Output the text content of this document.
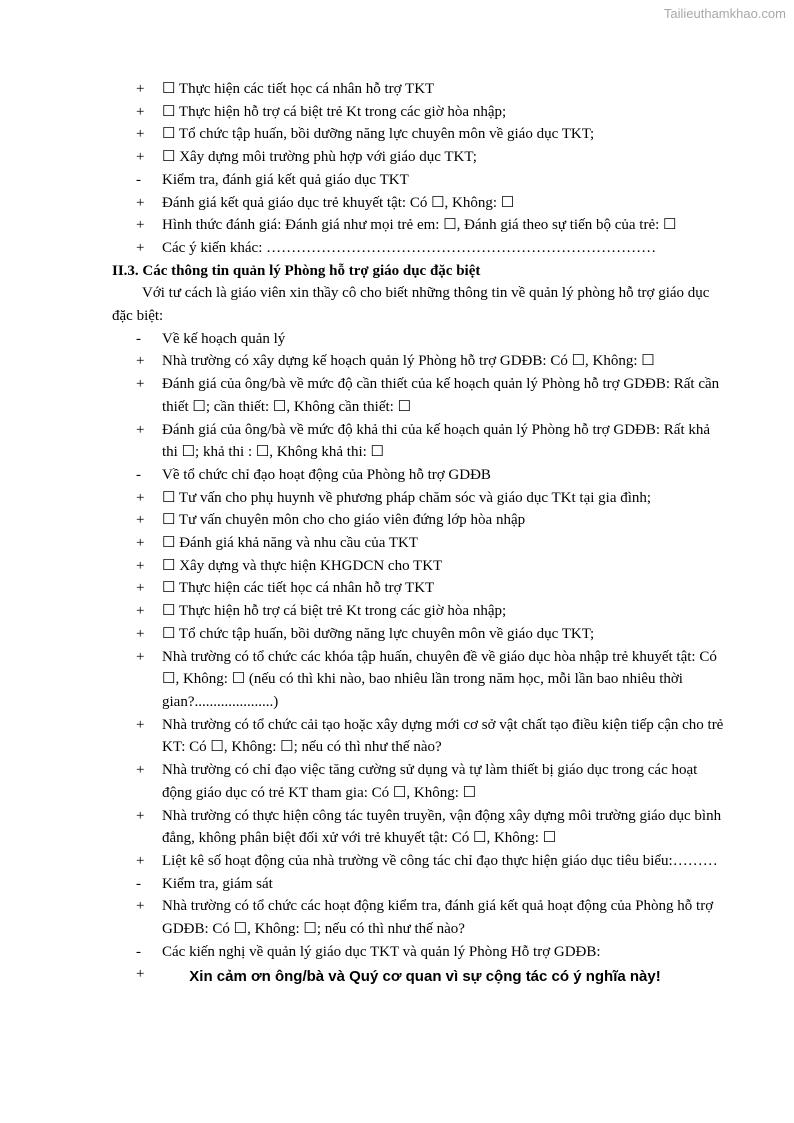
Tailieuthamkhao.com
+	☐ Thực hiện các tiết học cá nhân hỗ trợ TKT
+	☐ Thực hiện hỗ trợ cá biệt trẻ Kt trong các giờ hòa nhập;
+	☐ Tổ chức tập huấn, bồi dưỡng năng lực chuyên môn về giáo dục TKT;
+	☐ Xây dựng môi trường phù hợp với giáo dục TKT;
-	Kiểm tra, đánh giá kết quả giáo dục TKT
+	Đánh giá kết quả giáo dục trẻ khuyết tật: Có ☐, Không: ☐
+	Hình thức đánh giá: Đánh giá như mọi trẻ em: ☐, Đánh giá theo sự tiến bộ của trẻ: ☐
+	Các ý kiến khác: ……………………………………………………………………
II.3. Các thông tin quản lý Phòng hỗ trợ giáo dục đặc biệt
Với tư cách là giáo viên xin thầy cô cho biết những thông tin về quản lý phòng hỗ trợ giáo dục đặc biệt:
-	Về kế hoạch quản lý
+	Nhà trường có xây dựng kế hoạch quản lý Phòng hỗ trợ GDĐB: Có ☐, Không: ☐
+	Đánh giá của ông/bà về mức độ cần thiết của kế hoạch quản lý Phòng hỗ trợ GDĐB: Rất cần thiết ☐; cần thiết: ☐, Không cần thiết: ☐
+	Đánh giá của ông/bà về mức độ khả thi của kế hoạch quản lý Phòng hỗ trợ GDĐB: Rất khả thi ☐; khả thi : ☐, Không khả thi: ☐
-	Về tổ chức chỉ đạo hoạt động của Phòng hỗ trợ GDĐB
+	☐ Tư vấn cho phụ huynh về phương pháp chăm sóc và giáo dục TKt tại gia đình;
+	☐ Tư vấn chuyên môn cho cho giáo viên đứng lớp hòa nhập
+	☐ Đánh giá khả năng và nhu cầu của TKT
+	☐ Xây dựng và thực hiện KHGDCN cho TKT
+	☐ Thực hiện các tiết học cá nhân hỗ trợ TKT
+	☐ Thực hiện hỗ trợ cá biệt trẻ Kt trong các giờ hòa nhập;
+	☐ Tổ chức tập huấn, bồi dưỡng năng lực chuyên môn về giáo dục TKT;
+	Nhà trường có tổ chức các khóa tập huấn, chuyên đề về giáo dục hòa nhập trẻ khuyết tật: Có ☐, Không: ☐ (nếu có thì khi nào, bao nhiêu lần trong năm học, mỗi lần bao nhiêu thời gian?.....................)
+	Nhà trường có tổ chức cải tạo hoặc xây dựng mới cơ sở vật chất tạo điều kiện tiếp cận cho trẻ KT: Có ☐, Không: ☐; nếu có thì như thế nào?
+	Nhà trường có chỉ đạo việc tăng cường sử dụng và tự làm thiết bị giáo dục trong các hoạt động giáo dục có trẻ KT tham gia: Có ☐, Không: ☐
+	Nhà trường có thực hiện công tác tuyên truyền, vận động xây dựng môi trường giáo dục bình đẳng, không phân biệt đối xử với trẻ khuyết tật: Có ☐, Không: ☐
+	Liệt kê số hoạt động của nhà trường về công tác chỉ đạo thực hiện giáo dục tiêu biểu:………
-	Kiểm tra, giám sát
+	Nhà trường có tổ chức các hoạt động kiểm tra, đánh giá kết quả hoạt động của Phòng hỗ trợ GDĐB: Có ☐, Không: ☐; nếu có thì như thế nào?
-	Các kiến nghị về quản lý giáo dục TKT và quản lý Phòng Hỗ trợ GDĐB:
+	Xin cảm ơn ông/bà và Quý cơ quan vì sự cộng tác có ý nghĩa này!
